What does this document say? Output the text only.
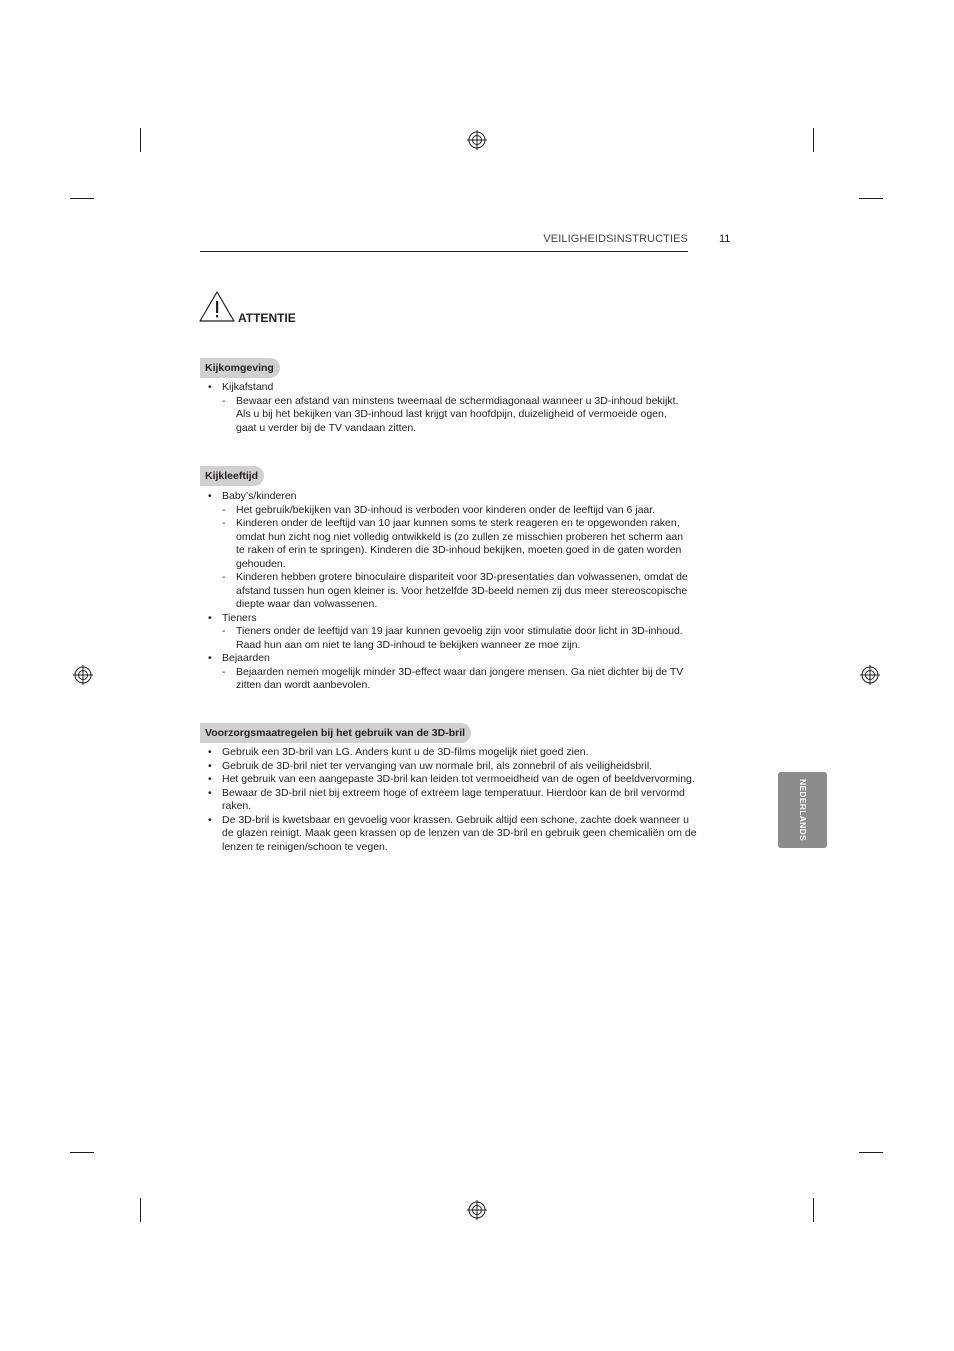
VEILIGHEIDSINSTRUCTIES	11
ATTENTIE
Kijkomgeving
• Kijkafstand
- Bewaar een afstand van minstens tweemaal de schermdiagonaal wanneer u 3D-inhoud bekijkt.
Als u bij het bekijken van 3D-inhoud last krijgt van hoofdpijn, duizeligheid of vermoeide ogen,
gaat u verder bij de TV vandaan zitten.
Kijkleeftijd
• Baby’s/kinderen
- Het gebruik/bekijken van 3D-inhoud is verboden voor kinderen onder de leeftijd van 6 jaar.
- Kinderen onder de leeftijd van 10 jaar kunnen soms te sterk reageren en te opgewonden raken,
omdat hun zicht nog niet volledig ontwikkeld is (zo zullen ze misschien proberen het scherm aan
te raken of erin te springen). Kinderen die 3D-inhoud bekijken, moeten goed in de gaten worden
gehouden.
- Kinderen hebben grotere binoculaire dispariteit voor 3D-presentaties dan volwassenen, omdat de
afstand tussen hun ogen kleiner is. Voor hetzelfde 3D-beeld nemen zij dus meer stereoscopische
diepte waar dan volwassenen.
• Tieners
- Tieners onder de leeftijd van 19 jaar kunnen gevoelig zijn voor stimulatie door licht in 3D-inhoud.
Raad hun aan om niet te lang 3D-inhoud te bekijken wanneer ze moe zijn.
• Bejaarden
- Bejaarden nemen mogelijk minder 3D-effect waar dan jongere mensen. Ga niet dichter bij de TV
zitten dan wordt aanbevolen.
Voorzorgsmaatregelen bij het gebruik van de 3D-bril
• Gebruik een 3D-bril van LG. Anders kunt u de 3D-films mogelijk niet goed zien.
• Gebruik de 3D-bril niet ter vervanging van uw normale bril, als zonnebril of als veiligheidsbril.
• Het gebruik van een aangepaste 3D-bril kan leiden tot vermoeidheid van de ogen of beeldvervorming.
• Bewaar de 3D-bril niet bij extreem hoge of extreem lage temperatuur. Hierdoor kan de bril vervormd
raken.
• De 3D-bril is kwetsbaar en gevoelig voor krassen. Gebruik altijd een schone, zachte doek wanneer u
de glazen reinigt. Maak geen krassen op de lenzen van de 3D-bril en gebruik geen chemicaliën om de
lenzen te reinigen/schoon te vegen.
NEDERLANDS
